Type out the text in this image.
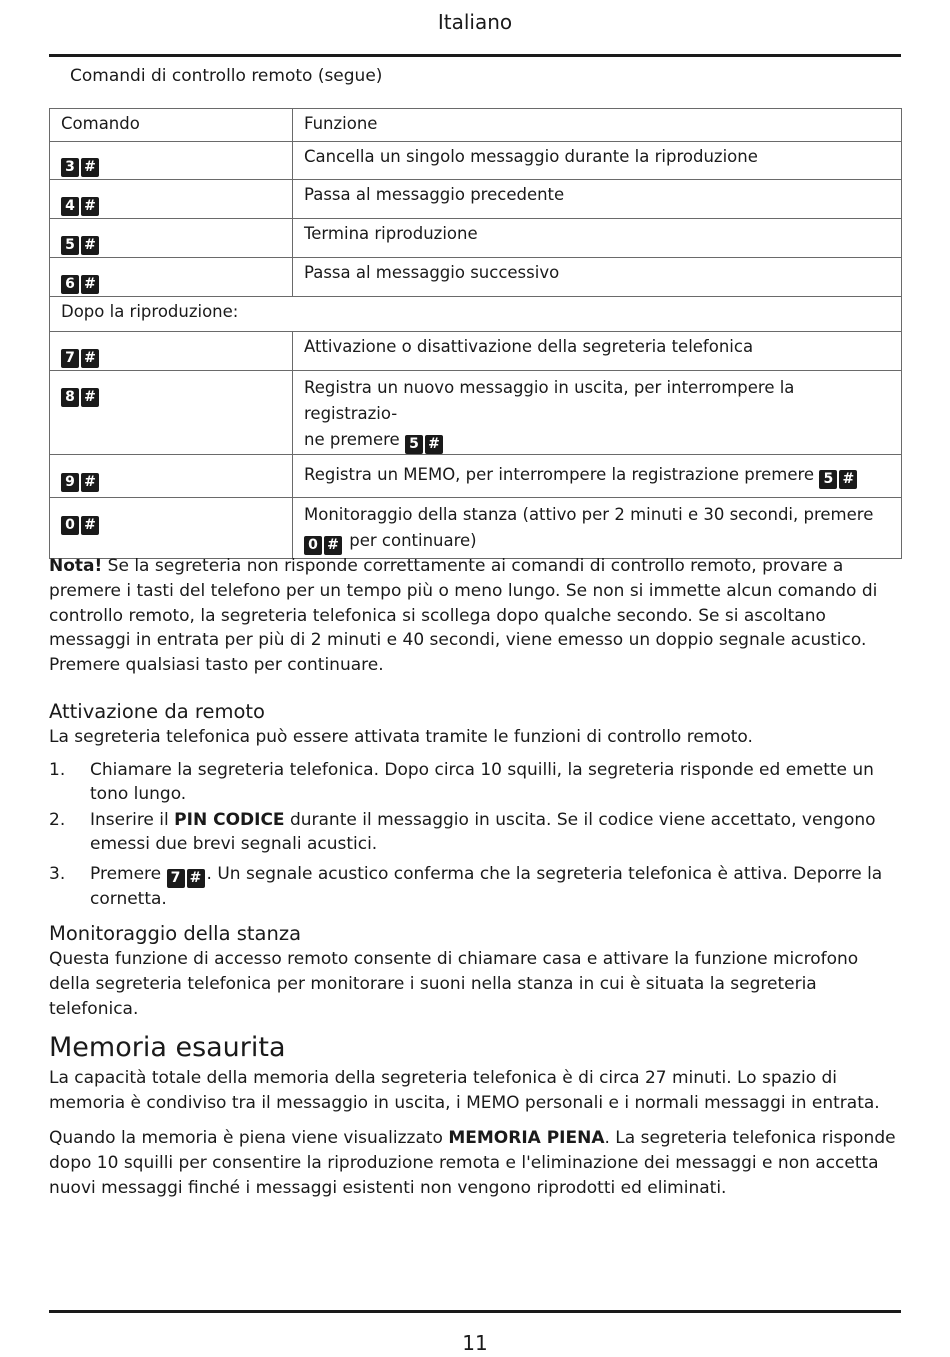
Italiano
Comandi di controllo remoto (segue)
Comando	Funzione
3 #	Cancella un singolo messaggio durante la riproduzione
4 #	Passa al messaggio precedente
5 #	Termina riproduzione
6 #	Passa al messaggio successivo
Dopo la riproduzione:	
7 #	Attivazione o disattivazione della segreteria telefonica
8 #	Registra un nuovo messaggio in uscita, per interrompere la registrazio-
ne premere 5 #
9 #	Registra un MEMO, per interrompere la registrazione premere 5 #
0 #	Monitoraggio della stanza (attivo per 2 minuti e 30 secondi, premere
0 # per continuare)
Nota! Se la segreteria non risponde correttamente ai comandi di controllo remoto, provare a premere i tasti del telefono per un tempo più o meno lungo. Se non si immette alcun comando di controllo remoto, la segreteria telefonica si scollega dopo qualche secondo. Se si ascoltano messaggi in entrata per più di 2 minuti e 40 secondi, viene emesso un doppio segnale acustico. Premere qualsiasi tasto per continuare.
Attivazione da remoto
La segreteria telefonica può essere attivata tramite le funzioni di controllo remoto.
1. Chiamare la segreteria telefonica. Dopo circa 10 squilli, la segreteria risponde ed emette un tono lungo.
2. Inserire il PIN CODICE durante il messaggio in uscita. Se il codice viene accettato, vengono emessi due brevi segnali acustici.
3. Premere 7 # . Un segnale acustico conferma che la segreteria telefonica è attiva. Deporre la cornetta.
Monitoraggio della stanza
Questa funzione di accesso remoto consente di chiamare casa e attivare la funzione microfono della segreteria telefonica per monitorare i suoni nella stanza in cui è situata la segreteria telefonica.
Memoria esaurita
La capacità totale della memoria della segreteria telefonica è di circa 27 minuti. Lo spazio di memoria è condiviso tra il messaggio in uscita, i MEMO personali e i normali messaggi in entrata.
Quando la memoria è piena viene visualizzato MEMORIA PIENA. La segreteria telefonica risponde dopo 10 squilli per consentire la riproduzione remota e l'eliminazione dei messaggi e non accetta nuovi messaggi finché i messaggi esistenti non vengono riprodotti ed eliminati.
11
